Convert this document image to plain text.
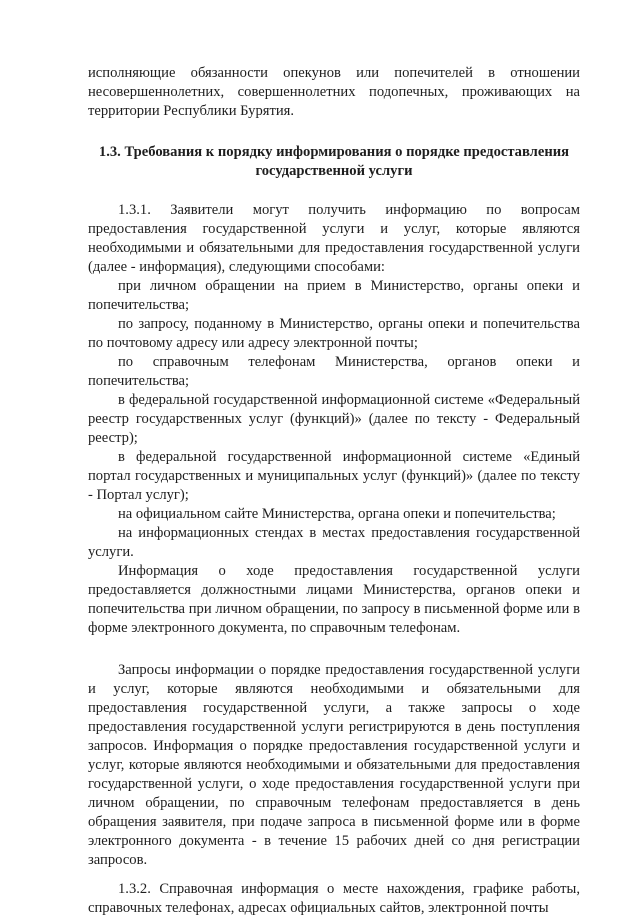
исполняющие обязанности опекунов или попечителей в отношении несовершеннолетних, совершеннолетних подопечных, проживающих на территории Республики Бурятия.

1.3. Требования к порядку информирования о порядке предоставления государственной услуги

1.3.1. Заявители могут получить информацию по вопросам предоставления государственной услуги и услуг, которые являются необходимыми и обязательными для предоставления государственной услуги (далее - информация), следующими способами:

при личном обращении на прием в Министерство, органы опеки и попечительства;

по запросу, поданному в Министерство, органы опеки и попечительства по почтовому адресу или адресу электронной почты;

по справочным телефонам Министерства, органов опеки и попечительства;

в федеральной государственной информационной системе «Федеральный реестр государственных услуг (функций)» (далее по тексту - Федеральный реестр);

в федеральной государственной информационной системе «Единый портал государственных и муниципальных услуг (функций)» (далее по тексту - Портал услуг);

на официальном сайте Министерства, органа опеки и попечительства;

на информационных стендах в местах предоставления государственной услуги.

Информация о ходе предоставления государственной услуги предоставляется должностными лицами Министерства, органов опеки и попечительства при личном обращении, по запросу в письменной форме или в форме электронного документа, по справочным телефонам.

Запросы информации о порядке предоставления государственной услуги и услуг, которые являются необходимыми и обязательными для предоставления государственной услуги, а также запросы о ходе предоставления государственной услуги регистрируются в день поступления запросов. Информация о порядке предоставления государственной услуги и услуг, которые являются необходимыми и обязательными для предоставления государственной услуги, о ходе предоставления государственной услуги при личном обращении, по справочным телефонам предоставляется в день обращения заявителя, при подаче запроса в письменной форме или в форме электронного документа - в течение 15 рабочих дней со дня регистрации запросов.

1.3.2. Справочная информация о месте нахождения, графике работы, справочных телефонах, адресах официальных сайтов, электронной почты
